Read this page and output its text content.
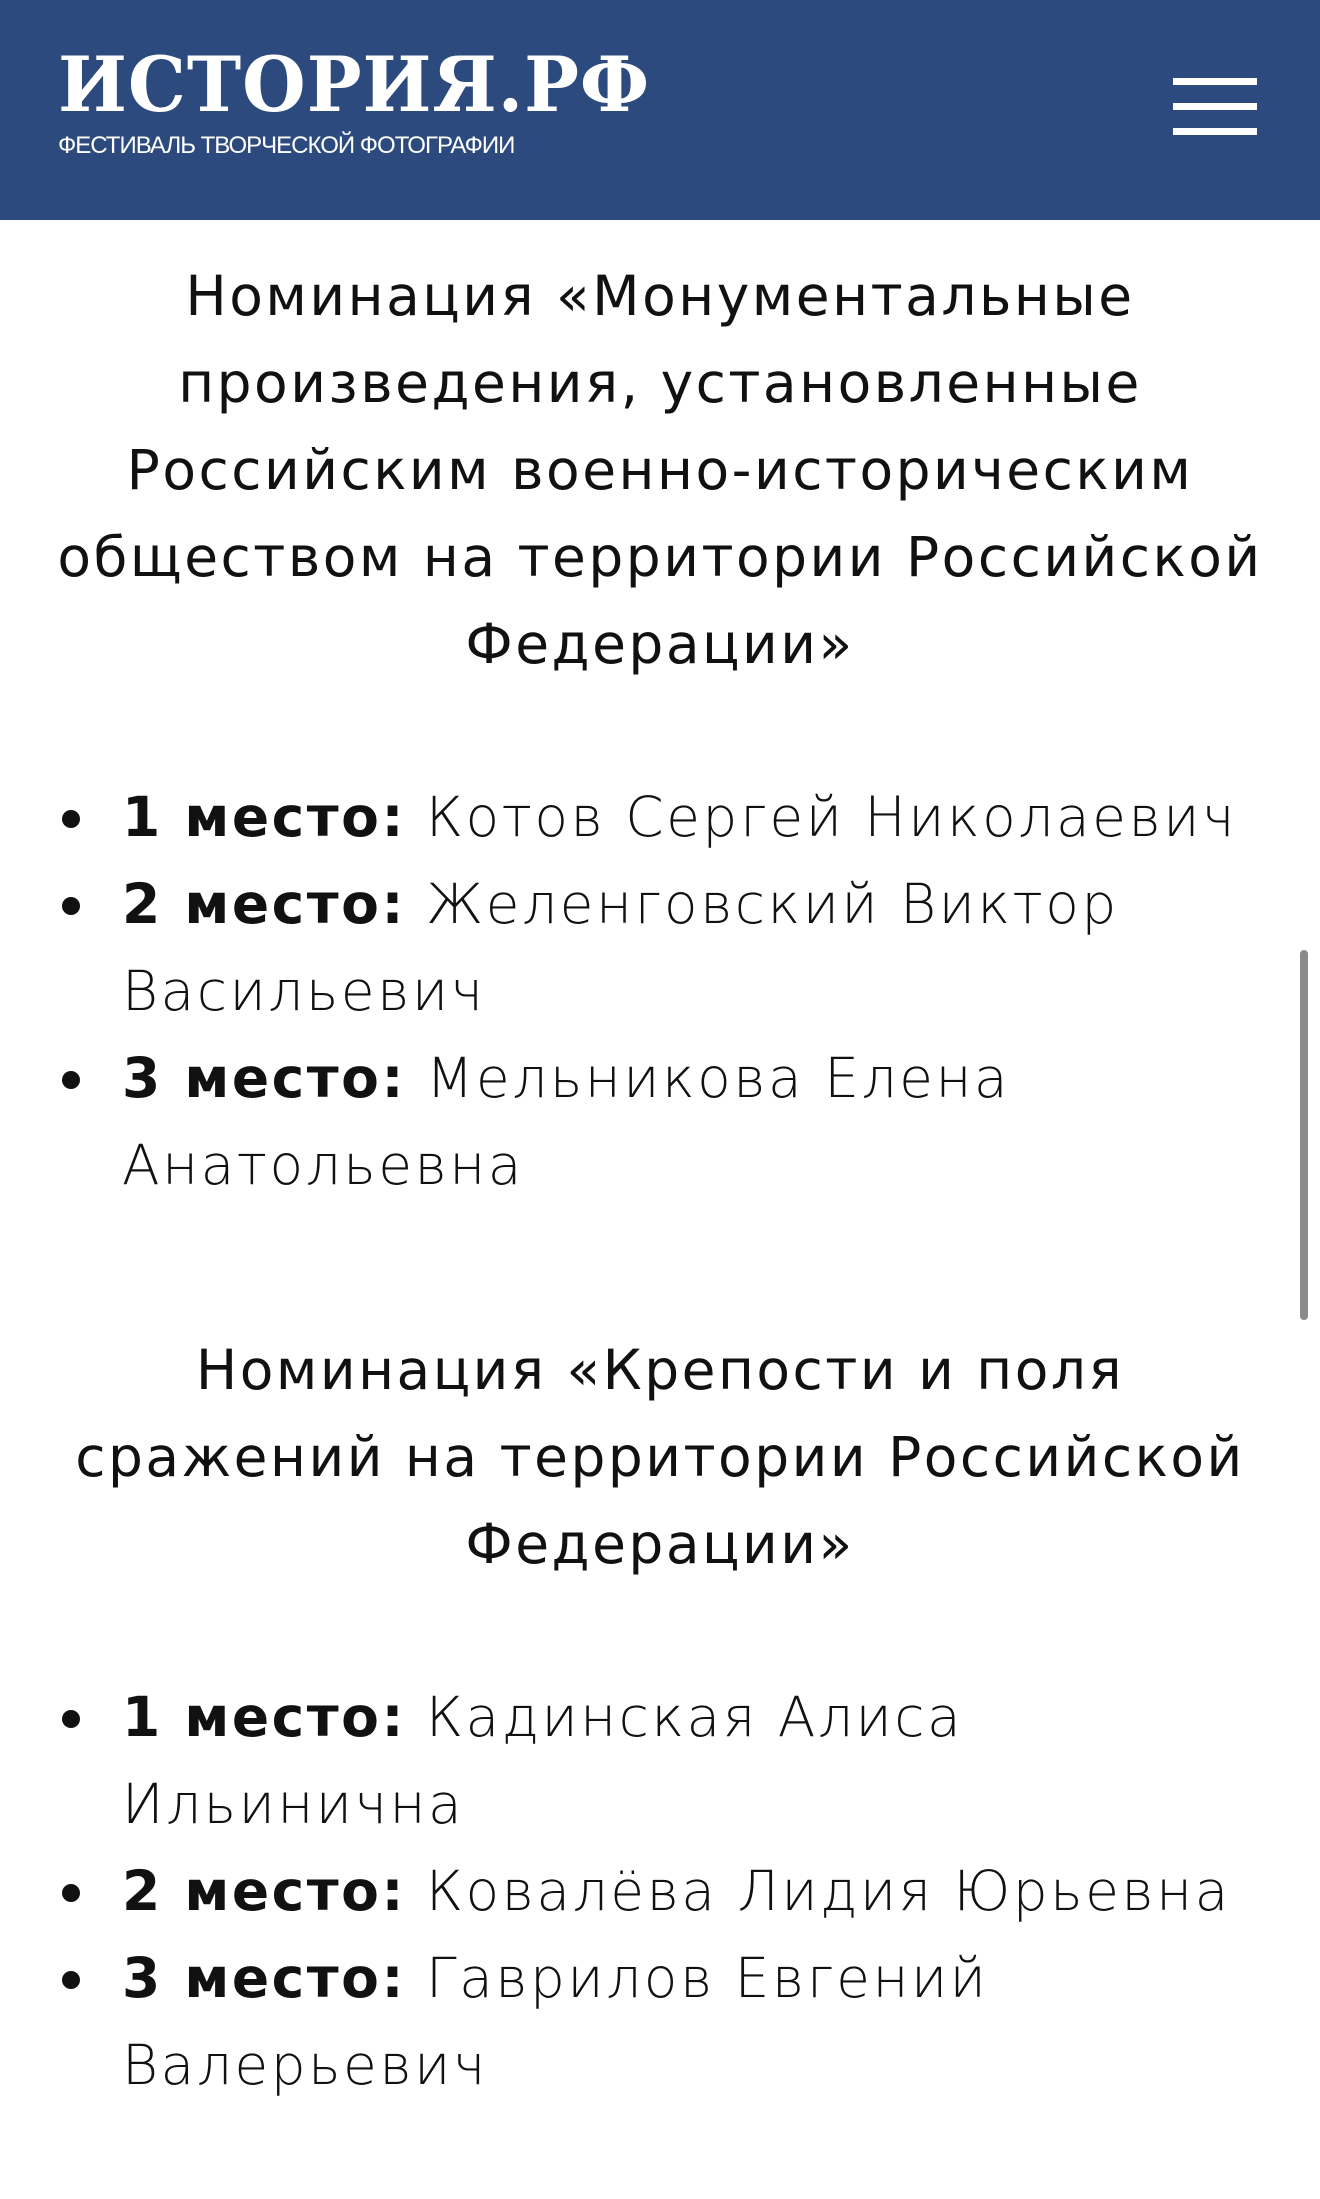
ИСТОРИЯ.РФ
ФЕСТИВАЛЬ ТВОРЧЕСКОЙ ФОТОГРАФИИ
Номинация «Монументальные произведения, установленные Российским военно-историческим обществом на территории Российской Федерации»
1 место: Котов Сергей Николаевич
2 место: Желенговский Виктор Васильевич
3 место: Мельникова Елена Анатольевна
Номинация «Крепости и поля сражений на территории Российской Федерации»
1 место: Кадинская Алиса Ильинична
2 место: Ковалёва Лидия Юрьевна
3 место: Гаврилов Евгений Валерьевич
